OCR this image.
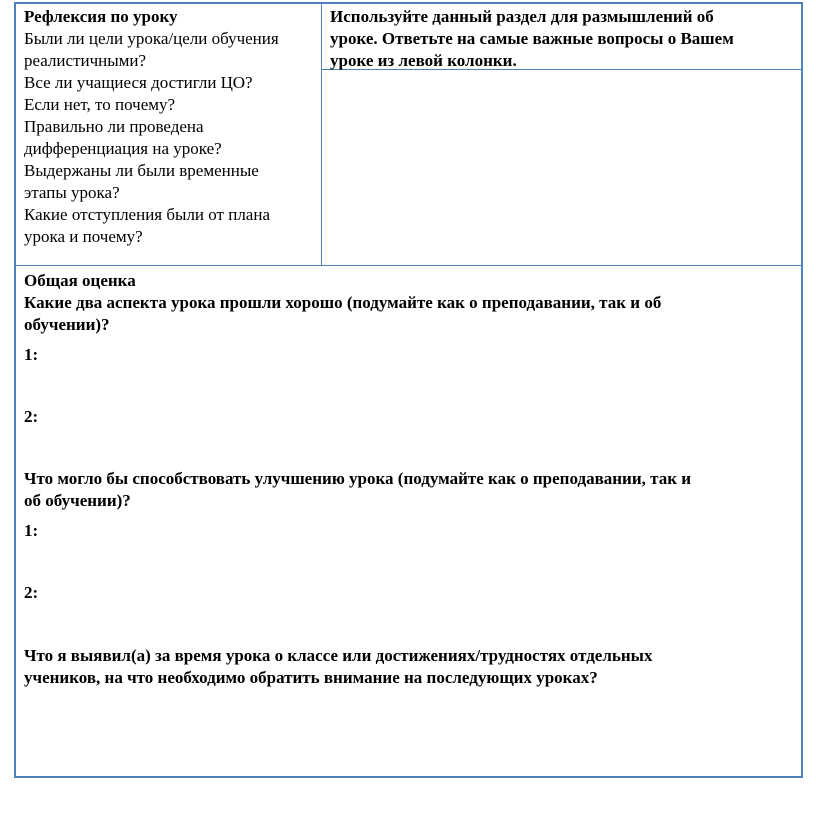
Рефлексия по уроку
Были ли цели урока/цели обучения
реалистичными?
Все ли учащиеся достигли ЦО?
Если нет, то почему?
Правильно ли проведена
дифференциация на уроке?
Выдержаны ли были временные
этапы урока?
Какие отступления были от плана
урока и почему?
Используйте данный раздел для размышлений об
уроке. Ответьте на самые важные вопросы о Вашем
уроке из левой колонки.
Общая оценка
Какие два аспекта урока прошли хорошо (подумайте как о преподавании, так и об
обучении)?
1:
2:
Что могло бы способствовать улучшению урока (подумайте как о преподавании, так и
об обучении)?
1:
2:
Что я выявил(а) за время урока о классе или достижениях/трудностях отдельных
учеников, на что необходимо обратить внимание на последующих уроках?
